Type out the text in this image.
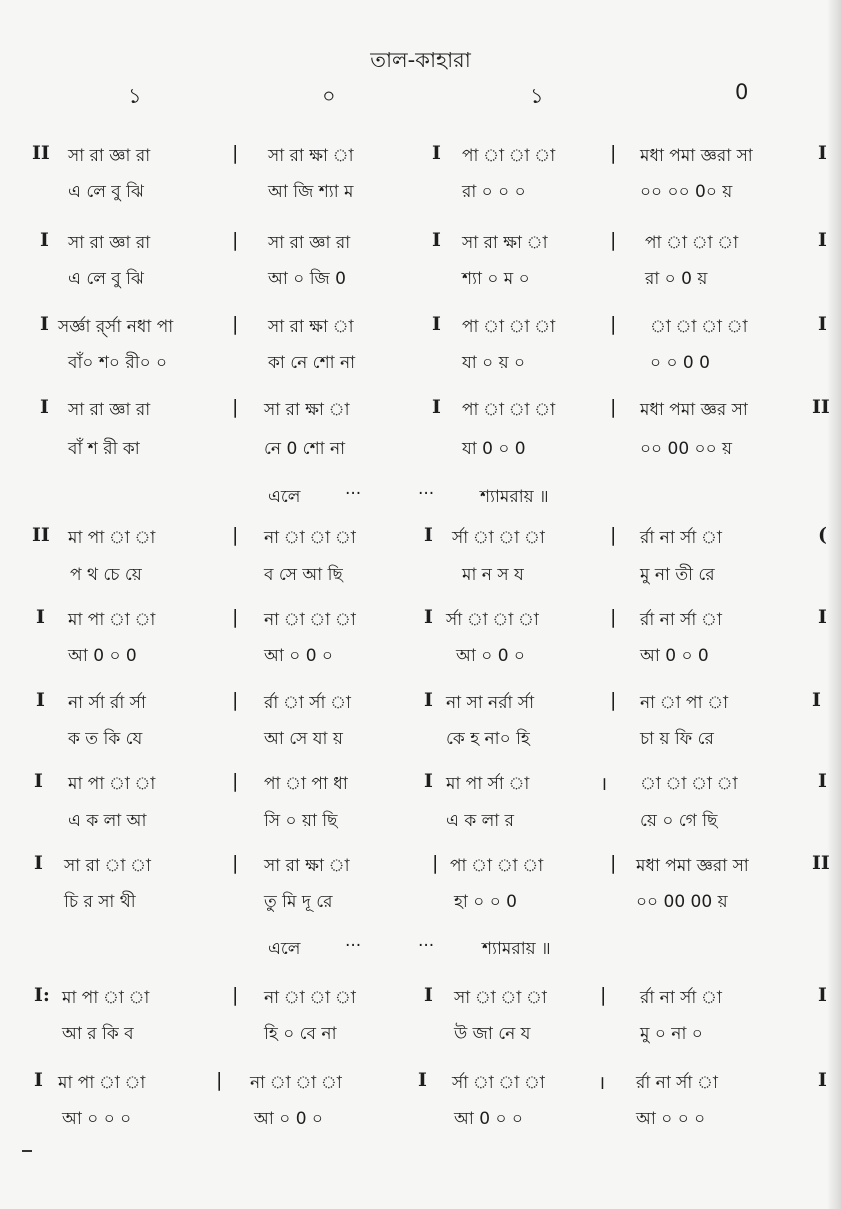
তাল-কাহারা
১	০	১	0
II সা রা জ্ঞা রা	| সা রা ক্ষা া	I পা া া া	| মধা পমা জ্ঞরা সা	I
এ লে বু ঝি	আ জি শ্যা ম	রা ০ ০ ০	০০ ০০ 0০ য়
I সা রা জ্ঞা রা	| সা রা জ্ঞা রা	I সা রা ক্ষা া	| পা া া া	I
এ লে বু ঝি	আ ০ জি 0	শ্যা ০ ম ০	রা ০ 0 য়
I সর্জ্ঞা র্র্সা নধা পা	| সা রা ক্ষা া	I পা া া া	| া া া া	I
বাঁ০ শ০ রী০ ০	কা নে শো না	যা ০ য় ০	০ ০ 0 0
I সা রা জ্ঞা রা	| সা রা ক্ষা া	I পা া া া	| মধা পমা জ্ঞর সা	II
বাঁ শ রী কা	নে 0 শো না	যা 0 ০ 0	০০ 00 ০০ য়
এলে	···	···	শ্যামরায় ॥
II মা পা া া	| না া া া	I র্সা া া া	| র্রা না র্সা া	(
প থ চে য়ে	ব সে আ ছি	মা ন স য	মু না তী রে
I মা পা া া	| না া া া	I র্সা া া া	| র্রা না র্সা া	I
আ 0 ০ 0	আ ০ 0 ০	আ ০ 0 ০	আ 0 ০ 0
I না র্সা র্রা র্সা	| র্রা া র্সা া	I না সা নর্রা র্সা	| না া পা া	I
ক ত কি যে	আ সে যা য়	কে হ না০ হি	চা য় ফি রে
I মা পা া া	| পা া পা ধা	I মা পা র্সা া	। া া া া	I
এ ক লা আ	সি ০ য়া ছি	এ ক লা র	য়ে ০ গে ছি
I সা রা া া	| সা রা ক্ষা া	| পা া া া	| মধা পমা জ্ঞরা সা	II
চি র সা থী	তু মি দূ রে	হা ০ ০ 0	০০ 00 00 য়
এলে	···	···	শ্যামরায় ॥
I: মা পা া া	| না া া া	I সা া া া	| র্রা না র্সা া	I
আ র কি ব	হি ০ বে না	উ জা নে য	মু ০ না ০
I মা পা া া	| না া া া	I র্সা া া া	। র্রা না র্সা া	I
আ ০ ০ ০	আ ০ 0 ০	আ 0 ০ ০	আ ০ ০ ০
